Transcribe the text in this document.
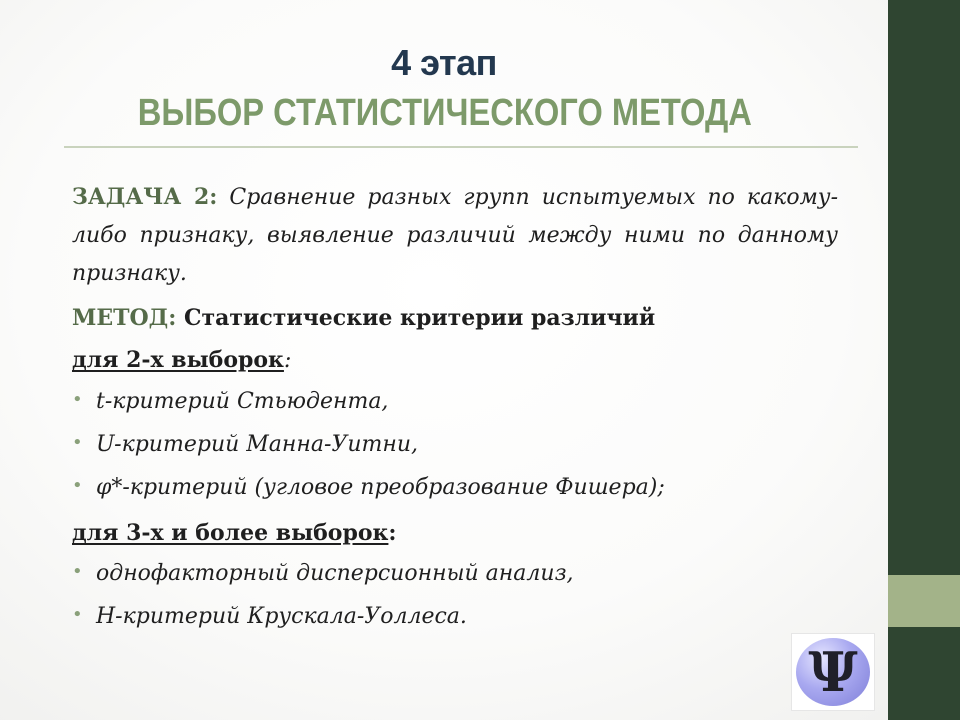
4 этап
ВЫБОР СТАТИСТИЧЕСКОГО МЕТОДА

ЗАДАЧА 2: Сравнение разных групп испытуемых по какому-либо признаку, выявление различий между ними по данному признаку.

МЕТОД: Статистические критерии различий
для 2-х выборок:
• t-критерий Стьюдента,
• U-критерий Манна-Уитни,
• φ*-критерий (угловое преобразование Фишера);
для 3-х и более выборок:
• однофакторный дисперсионный анализ,
• Н-критерий Крускала-Уоллеса.
Ψ
